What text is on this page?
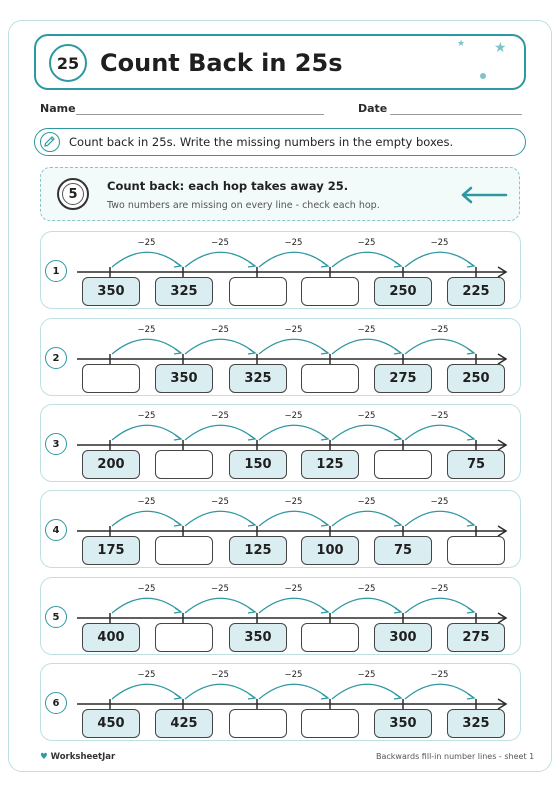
25 Count Back in 25s
★ ★
Name	Date
Count back in 25s. Write the missing numbers in the empty boxes.
5
Count back: each hop takes away 25.
Two numbers are missing on every line - check each hop.
1
−25	−25	−25	−25	−25
350	325	250	225
2
−25	−25	−25	−25	−25
350	325	275	250
3
−25	−25	−25	−25	−25
200	150	125	75
4
−25	−25	−25	−25	−25
175	125	100	75
5
−25	−25	−25	−25	−25
400	350	300	275
6
−25	−25	−25	−25	−25
450	425	350	325
♥ WorksheetJar	Backwards fill-in number lines - sheet 1
